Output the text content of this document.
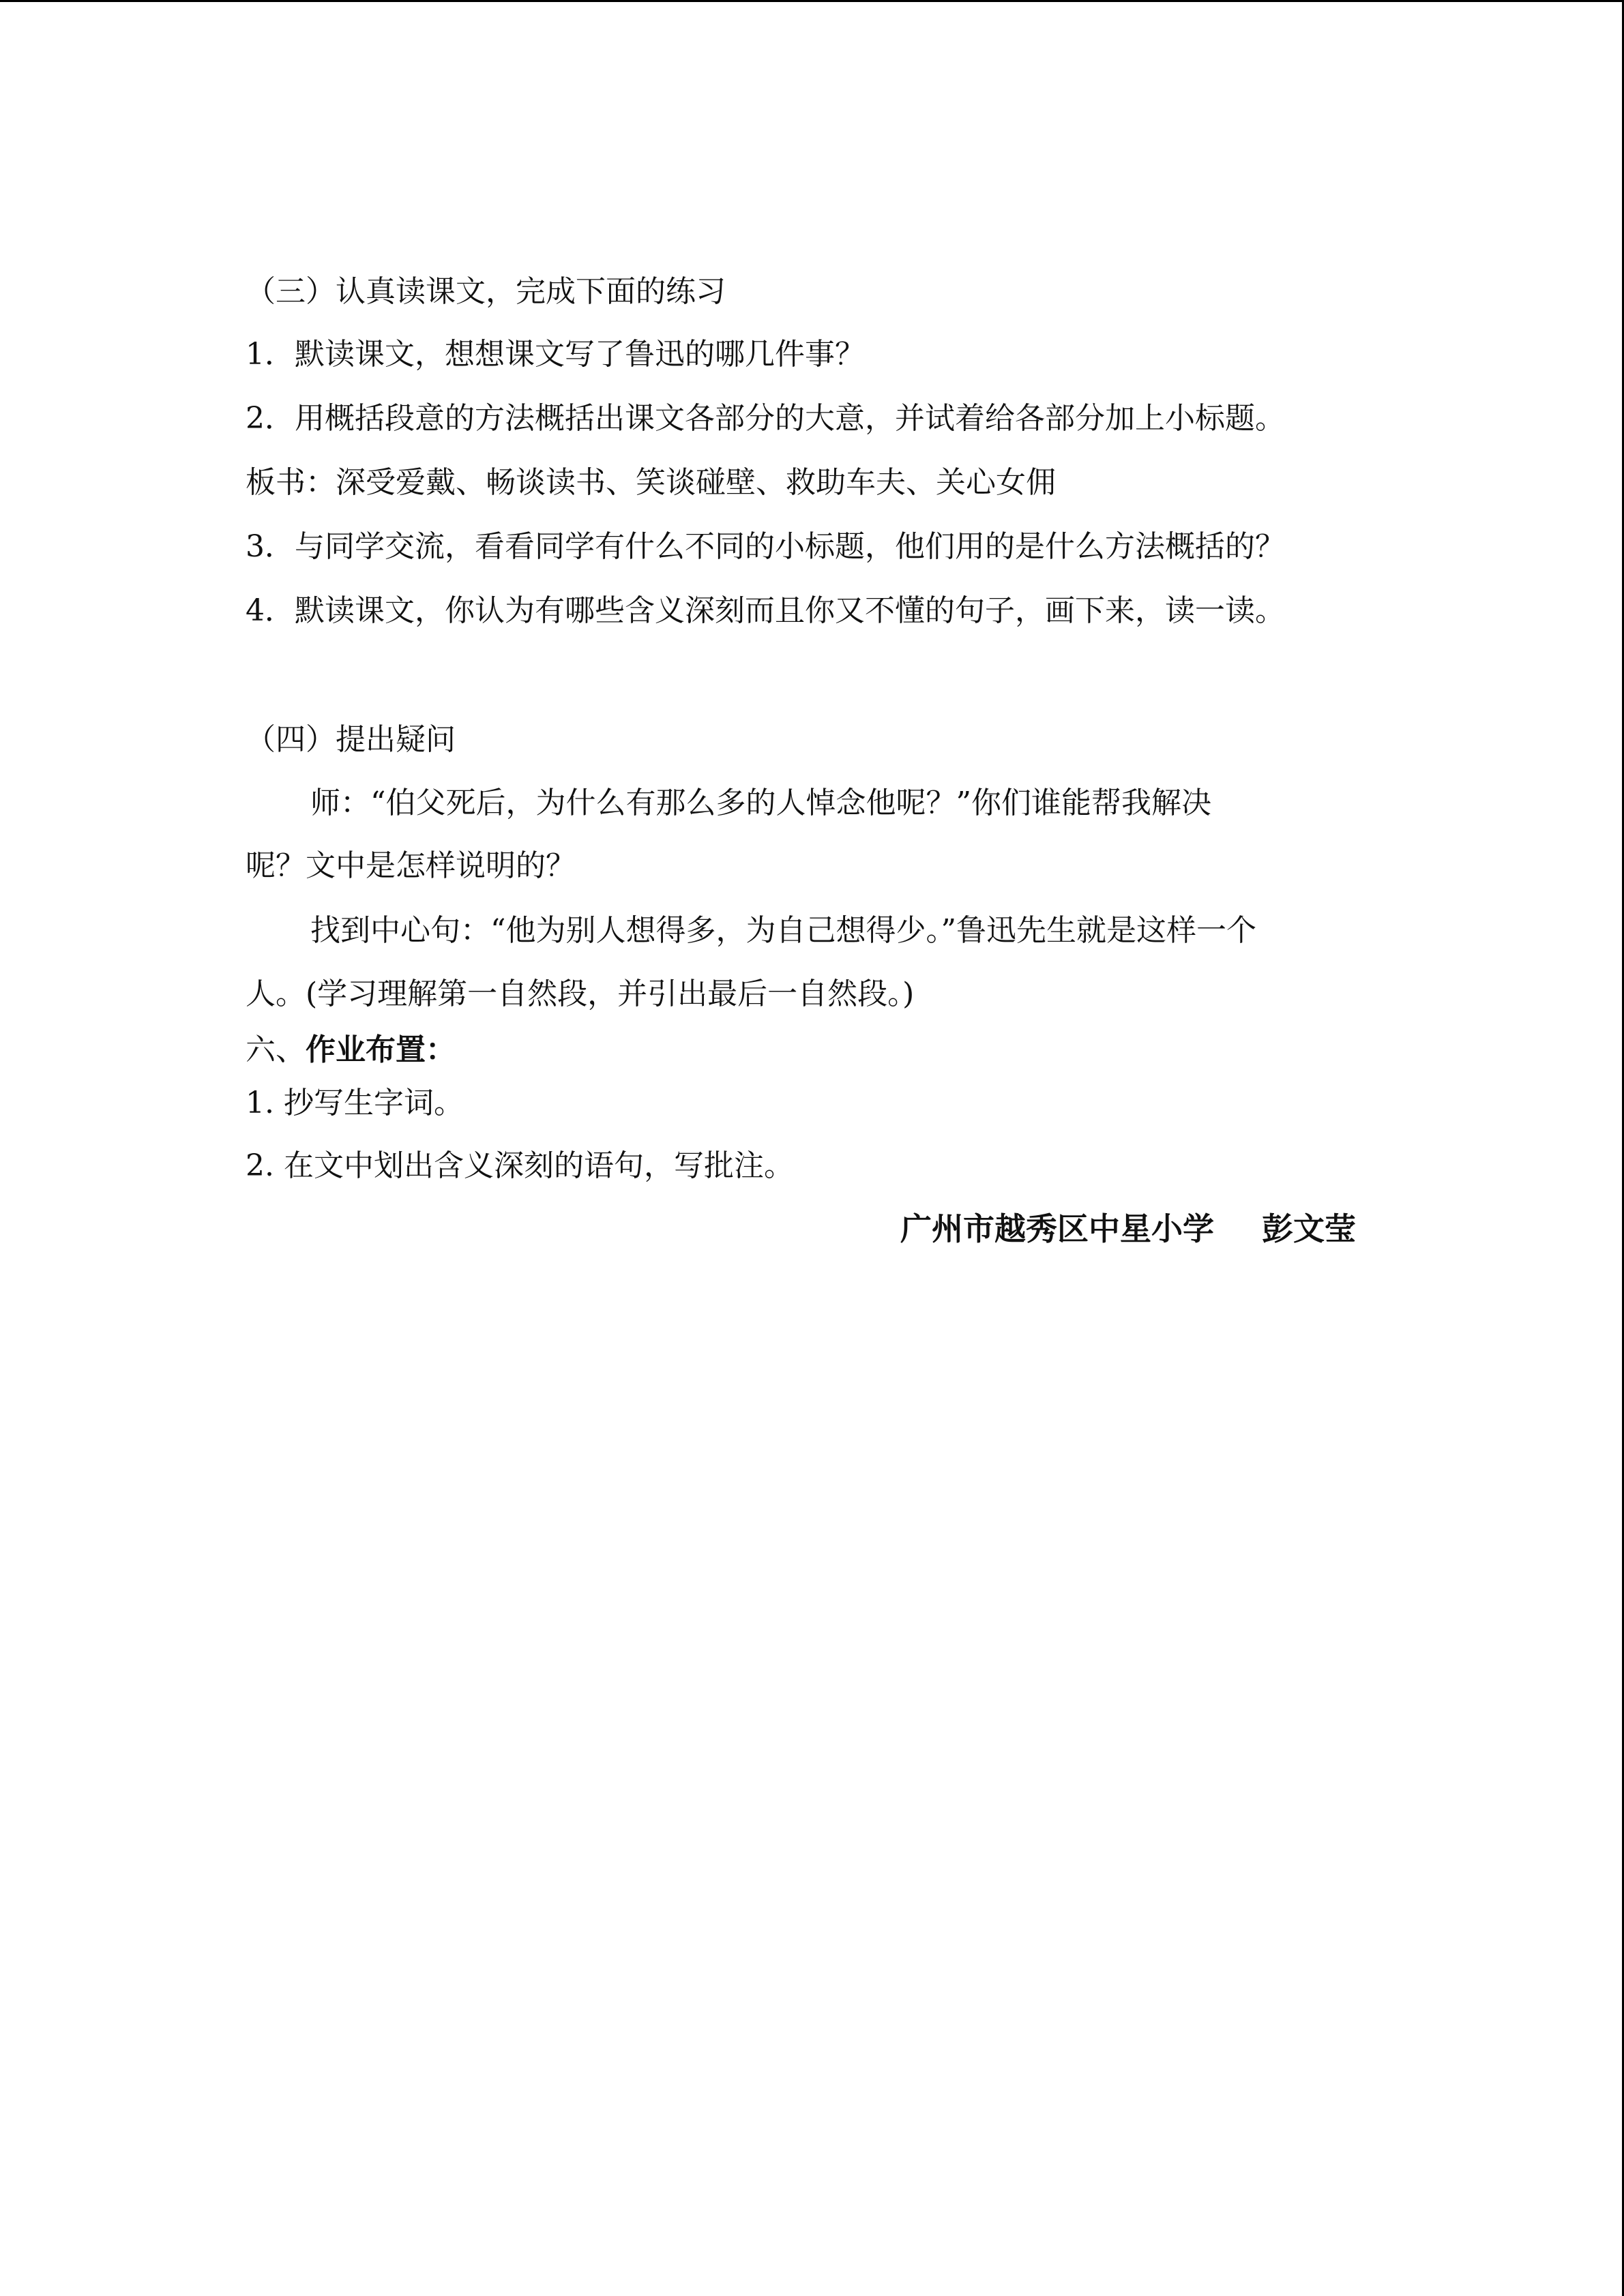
（三）认真读课文，完成下面的练习
1．默读课文，想想课文写了鲁迅的哪几件事？
2．用概括段意的方法概括出课文各部分的大意，并试着给各部分加上小标题。
板书：深受爱戴、畅谈读书、笑谈碰壁、救助车夫、关心女佣
3．与同学交流，看看同学有什么不同的小标题，他们用的是什么方法概括的？
4．默读课文，你认为有哪些含义深刻而且你又不懂的句子，画下来，读一读。
（四）提出疑问
师：“伯父死后，为什么有那么多的人悼念他呢？”你们谁能帮我解决
呢？文中是怎样说明的？
找到中心句：“他为别人想得多，为自己想得少。”鲁迅先生就是这样一个
人。(学习理解第一自然段，并引出最后一自然段。)
六、作业布置：
1. 抄写生字词。
2. 在文中划出含义深刻的语句，写批注。
广州市越秀区中星小学 彭文莹
